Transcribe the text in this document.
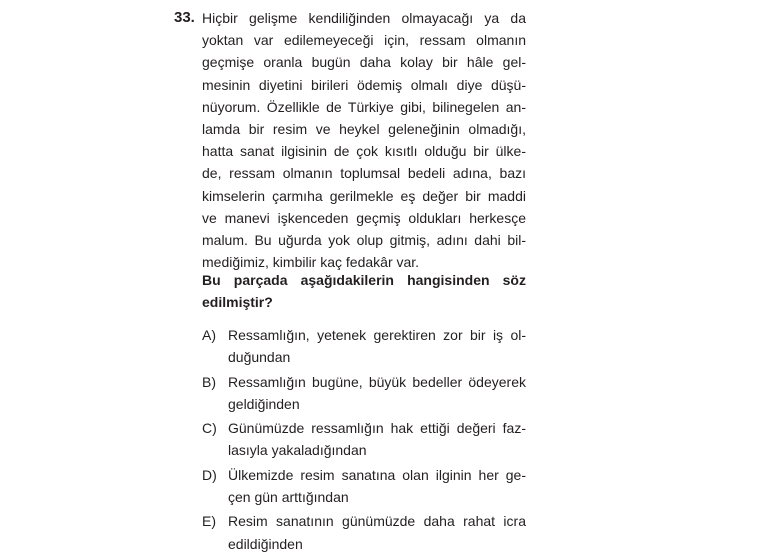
33. Hiçbir gelişme kendiliğinden olmayacağı ya da
yoktan var edilemeyeceği için, ressam olmanın
geçmişe oranla bugün daha kolay bir hâle gel-
mesinin diyetini birileri ödemiş olmalı diye düşü-
nüyorum. Özellikle de Türkiye gibi, bilinegelen an-
lamda bir resim ve heykel geleneğinin olmadığı,
hatta sanat ilgisinin de çok kısıtlı olduğu bir ülke-
de, ressam olmanın toplumsal bedeli adına, bazı
kimselerin çarmıha gerilmekle eş değer bir maddi
ve manevi işkenceden geçmiş oldukları herkesçe
malum. Bu uğurda yok olup gitmiş, adını dahi bil-
mediğimiz, kimbilir kaç fedakâr var.
Bu parçada aşağıdakilerin hangisinden söz
edilmiştir?
A) Ressamlığın, yetenek gerektiren zor bir iş ol-
duğundan
B) Ressamlığın bugüne, büyük bedeller ödeyerek
geldiğinden
C) Günümüzde ressamlığın hak ettiği değeri faz-
lasıyla yakaladığından
D) Ülkemizde resim sanatına olan ilginin her ge-
çen gün arttığından
E) Resim sanatının günümüzde daha rahat icra
edildiğinden
